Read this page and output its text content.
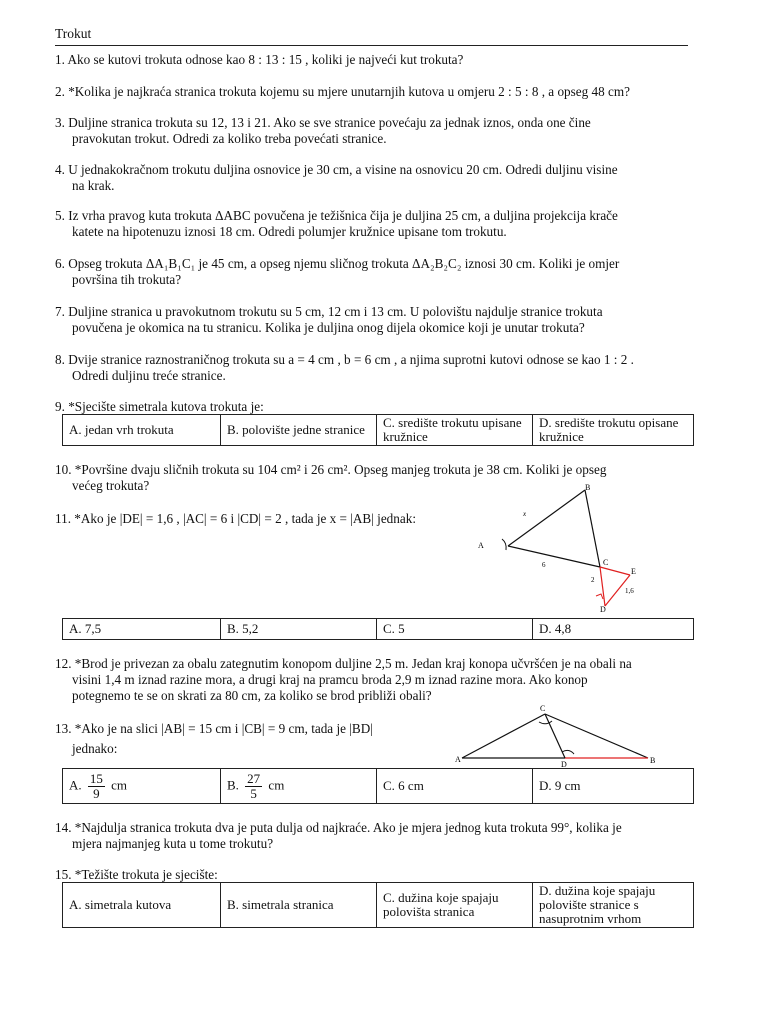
Trokut
1. Ako se kutovi trokuta odnose kao 8 : 13 : 15 , koliki je najveći kut trokuta?
2. *Kolika je najkraća stranica trokuta kojemu su mjere unutarnjih kutova u omjeru 2 : 5 : 8 , a opseg 48 cm?
3. Duljine stranica trokuta su 12, 13 i 21. Ako se sve stranice povećaju za jednak iznos, onda one čine
pravokutan trokut. Odredi za koliko treba povećati stranice.
4. U jednakokračnom trokutu duljina osnovice je 30 cm, a visine na osnovicu 20 cm. Odredi duljinu visine
na krak.
5. Iz vrha pravog kuta trokuta ΔABC povučena je težišnica čija je duljina 25 cm, a duljina projekcija krače
katete na hipotenuzu iznosi 18 cm. Odredi polumjer kružnice upisane tom trokutu.
6. Opseg trokuta ΔA₁B₁C₁ je 45 cm, a opseg njemu sličnog trokuta ΔA₂B₂C₂ iznosi 30 cm. Koliki je omjer
površina tih trokuta?
7. Duljine stranica u pravokutnom trokutu su 5 cm, 12 cm i 13 cm. U polovištu najdulje stranice trokuta
povučena je okomica na tu stranicu. Kolika je duljina onog dijela okomice koji je unutar trokuta?
8. Dvije stranice raznostraničnog trokuta su a = 4 cm , b = 6 cm , a njima suprotni kutovi odnose se kao 1 : 2 .
Odredi duljinu treće stranice.
9. *Sjecište simetrala kutova trokuta je:
A. jedan vrh trokuta	B. polovište jedne stranice	C. središte trokutu upisane kružnice	D. središte trokutu opisane kružnice
10. *Površine dvaju sličnih trokuta su 104 cm² i 26 cm². Opseg manjeg trokuta je 38 cm. Koliki je opseg
većeg trokuta?
11. *Ako je |DE| = 1,6 , |AC| = 6 i |CD| = 2 , tada je x = |AB| jednak:
A
B
C
D
E
x
6
2
1,6
A. 7,5	B. 5,2	C. 5	D. 4,8
12. *Brod je privezan za obalu zategnutim konopom duljine 2,5 m. Jedan kraj konopa učvršćen je na obali na
visini 1,4 m iznad razine mora, a drugi kraj na pramcu broda 2,9 m iznad razine mora. Ako konop
potegnemo te se on skrati za 80 cm, za koliko se brod približi obali?
13. *Ako je na slici |AB| = 15 cm i |CB| = 9 cm, tada je |BD|
jednako:
A
C
D	B
A. $\frac{15}{9}$ cm	B. $\frac{27}{5}$ cm	C. 6 cm	D. 9 cm
14. *Najdulja stranica trokuta dva je puta dulja od najkraće. Ako je mjera jednog kuta trokuta 99°, kolika je
mjera najmanjeg kuta u tome trokutu?
15. *Težište trokuta je sjecište:
A. simetrala kutova	B. simetrala stranica	C. dužina koje spajaju polovišta stranica	D. dužina koje spajaju polovište stranice s nasuprotnim vrhom
